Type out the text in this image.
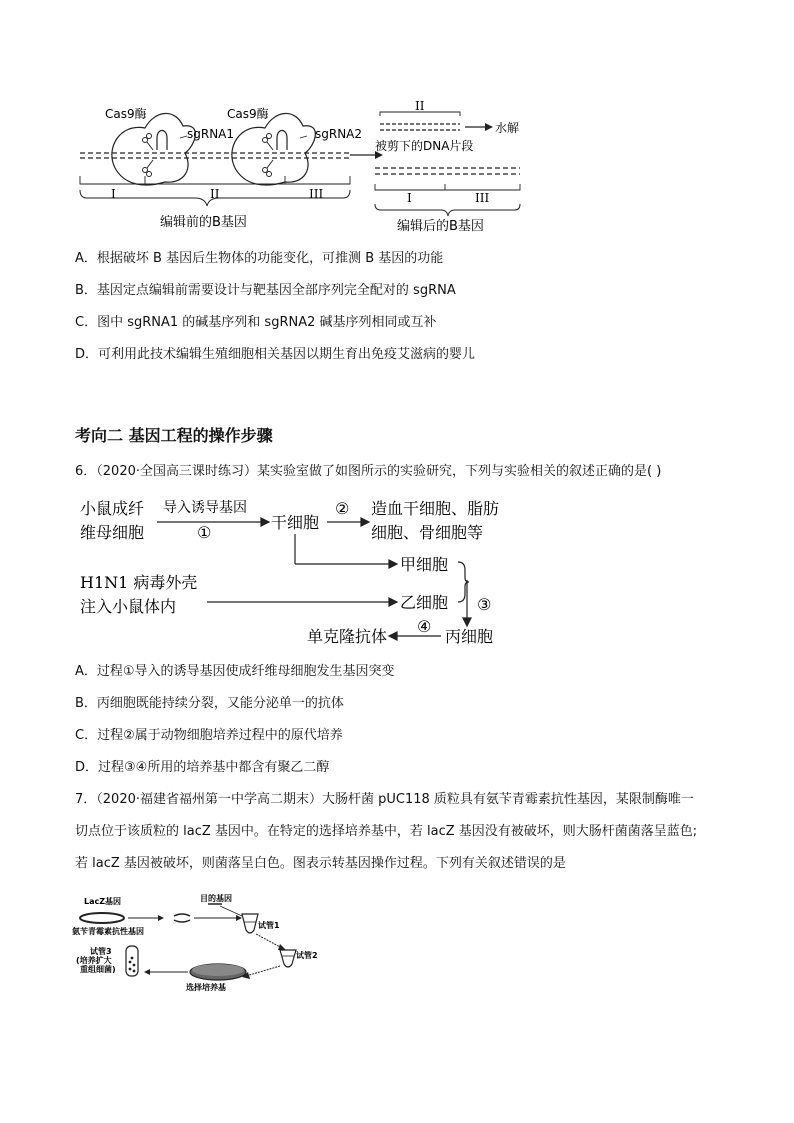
Cas9酶	Cas9酶
sgRNA1	sgRNA2
I	II	III
编辑前的B基因
II
水解
被剪下的DNA片段
I	III
编辑后的B基因
A．根据破坏 B 基因后生物体的功能变化，可推测 B 基因的功能
B．基因定点编辑前需要设计与靶基因全部序列完全配对的 sgRNA
C．图中 sgRNA1 的碱基序列和 sgRNA2 碱基序列相同或互补
D．可利用此技术编辑生殖细胞相关基因以期生育出免疫艾滋病的婴儿
考向二 基因工程的操作步骤
6．（2020·全国高三课时练习）某实验室做了如图所示的实验研究，下列与实验相关的叙述正确的是( )
小鼠成纤
维母细胞
导入诱导基因
①
干细胞
② 造血干细胞、脂肪
细胞、骨细胞等
甲细胞
H1N1 病毒外壳
注入小鼠体内	乙细胞 ③
单克隆抗体
④
丙细胞
A．过程①导入的诱导基因使成纤维母细胞发生基因突变
B．丙细胞既能持续分裂，又能分泌单一的抗体
C．过程②属于动物细胞培养过程中的原代培养
D．过程③④所用的培养基中都含有聚乙二醇
7．（2020·福建省福州第一中学高二期末）大肠杆菌 pUC118 质粒具有氨苄青霉素抗性基因，某限制酶唯一
切点位于该质粒的 lacZ 基因中。在特定的选择培养基中，若 lacZ 基因没有被破坏，则大肠杆菌菌落呈蓝色;
若 lacZ 基因被破坏，则菌落呈白色。图表示转基因操作过程。下列有关叙述错误的是
LacZ基因
氨苄青霉素抗性基因
目的基因
试管1
试管2
试管3
(培养扩大
重组细菌)
选择培养基
